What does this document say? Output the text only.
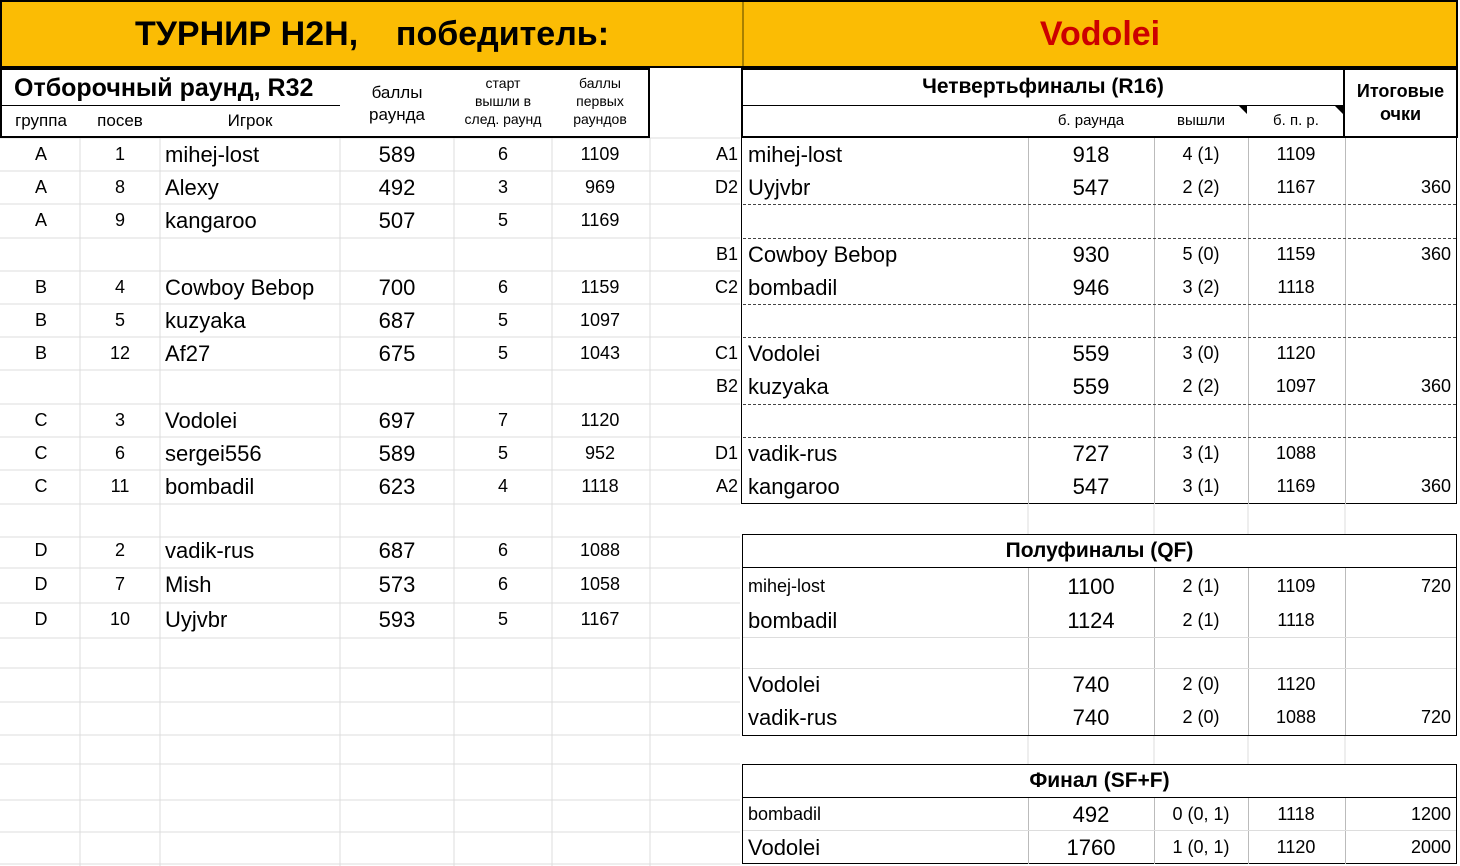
ТУРНИР H2H,    победитель:	Vodolei
Отборочный раунд, R32
группа	посев	Игрок
баллы
раунда
старт
вышли в
след. раунд
баллы
первых
раундов
A	1	mihej-lost	589	6	1109
A	8	Alexy	492	3	969
A	9	kangaroo	507	5	1169
B	4	Cowboy Bebop	700	6	1159
B	5	kuzyaka	687	5	1097
B	12	Af27	675	5	1043
C	3	Vodolei	697	7	1120
C	6	sergei556	589	5	952
C	11	bombadil	623	4	1118
D	2	vadik-rus	687	6	1088
D	7	Mish	573	6	1058
D	10	Uyjvbr	593	5	1167
Четвертьфиналы (R16)
б. раунда	вышли	б. п. р.
Итоговые
очки
A1 mihej-lost	918	4 (1)	1109
D2 Uyjvbr	547	2 (2)	1167	360
B1 Cowboy Bebop	930	5 (0)	1159	360
C2 bombadil	946	3 (2)	1118
C1 Vodolei	559	3 (0)	1120
B2 kuzyaka	559	2 (2)	1097	360
D1 vadik-rus	727	3 (1)	1088
A2 kangaroo	547	3 (1)	1169	360
Полуфиналы (QF)
mihej-lost	1100	2 (1)	1109	720
bombadil	1124	2 (1)	1118
Vodolei	740	2 (0)	1120
vadik-rus	740	2 (0)	1088	720
Финал (SF+F)
bombadil	492	0 (0, 1)	1118	1200
Vodolei	1760	1 (0, 1)	1120	2000
